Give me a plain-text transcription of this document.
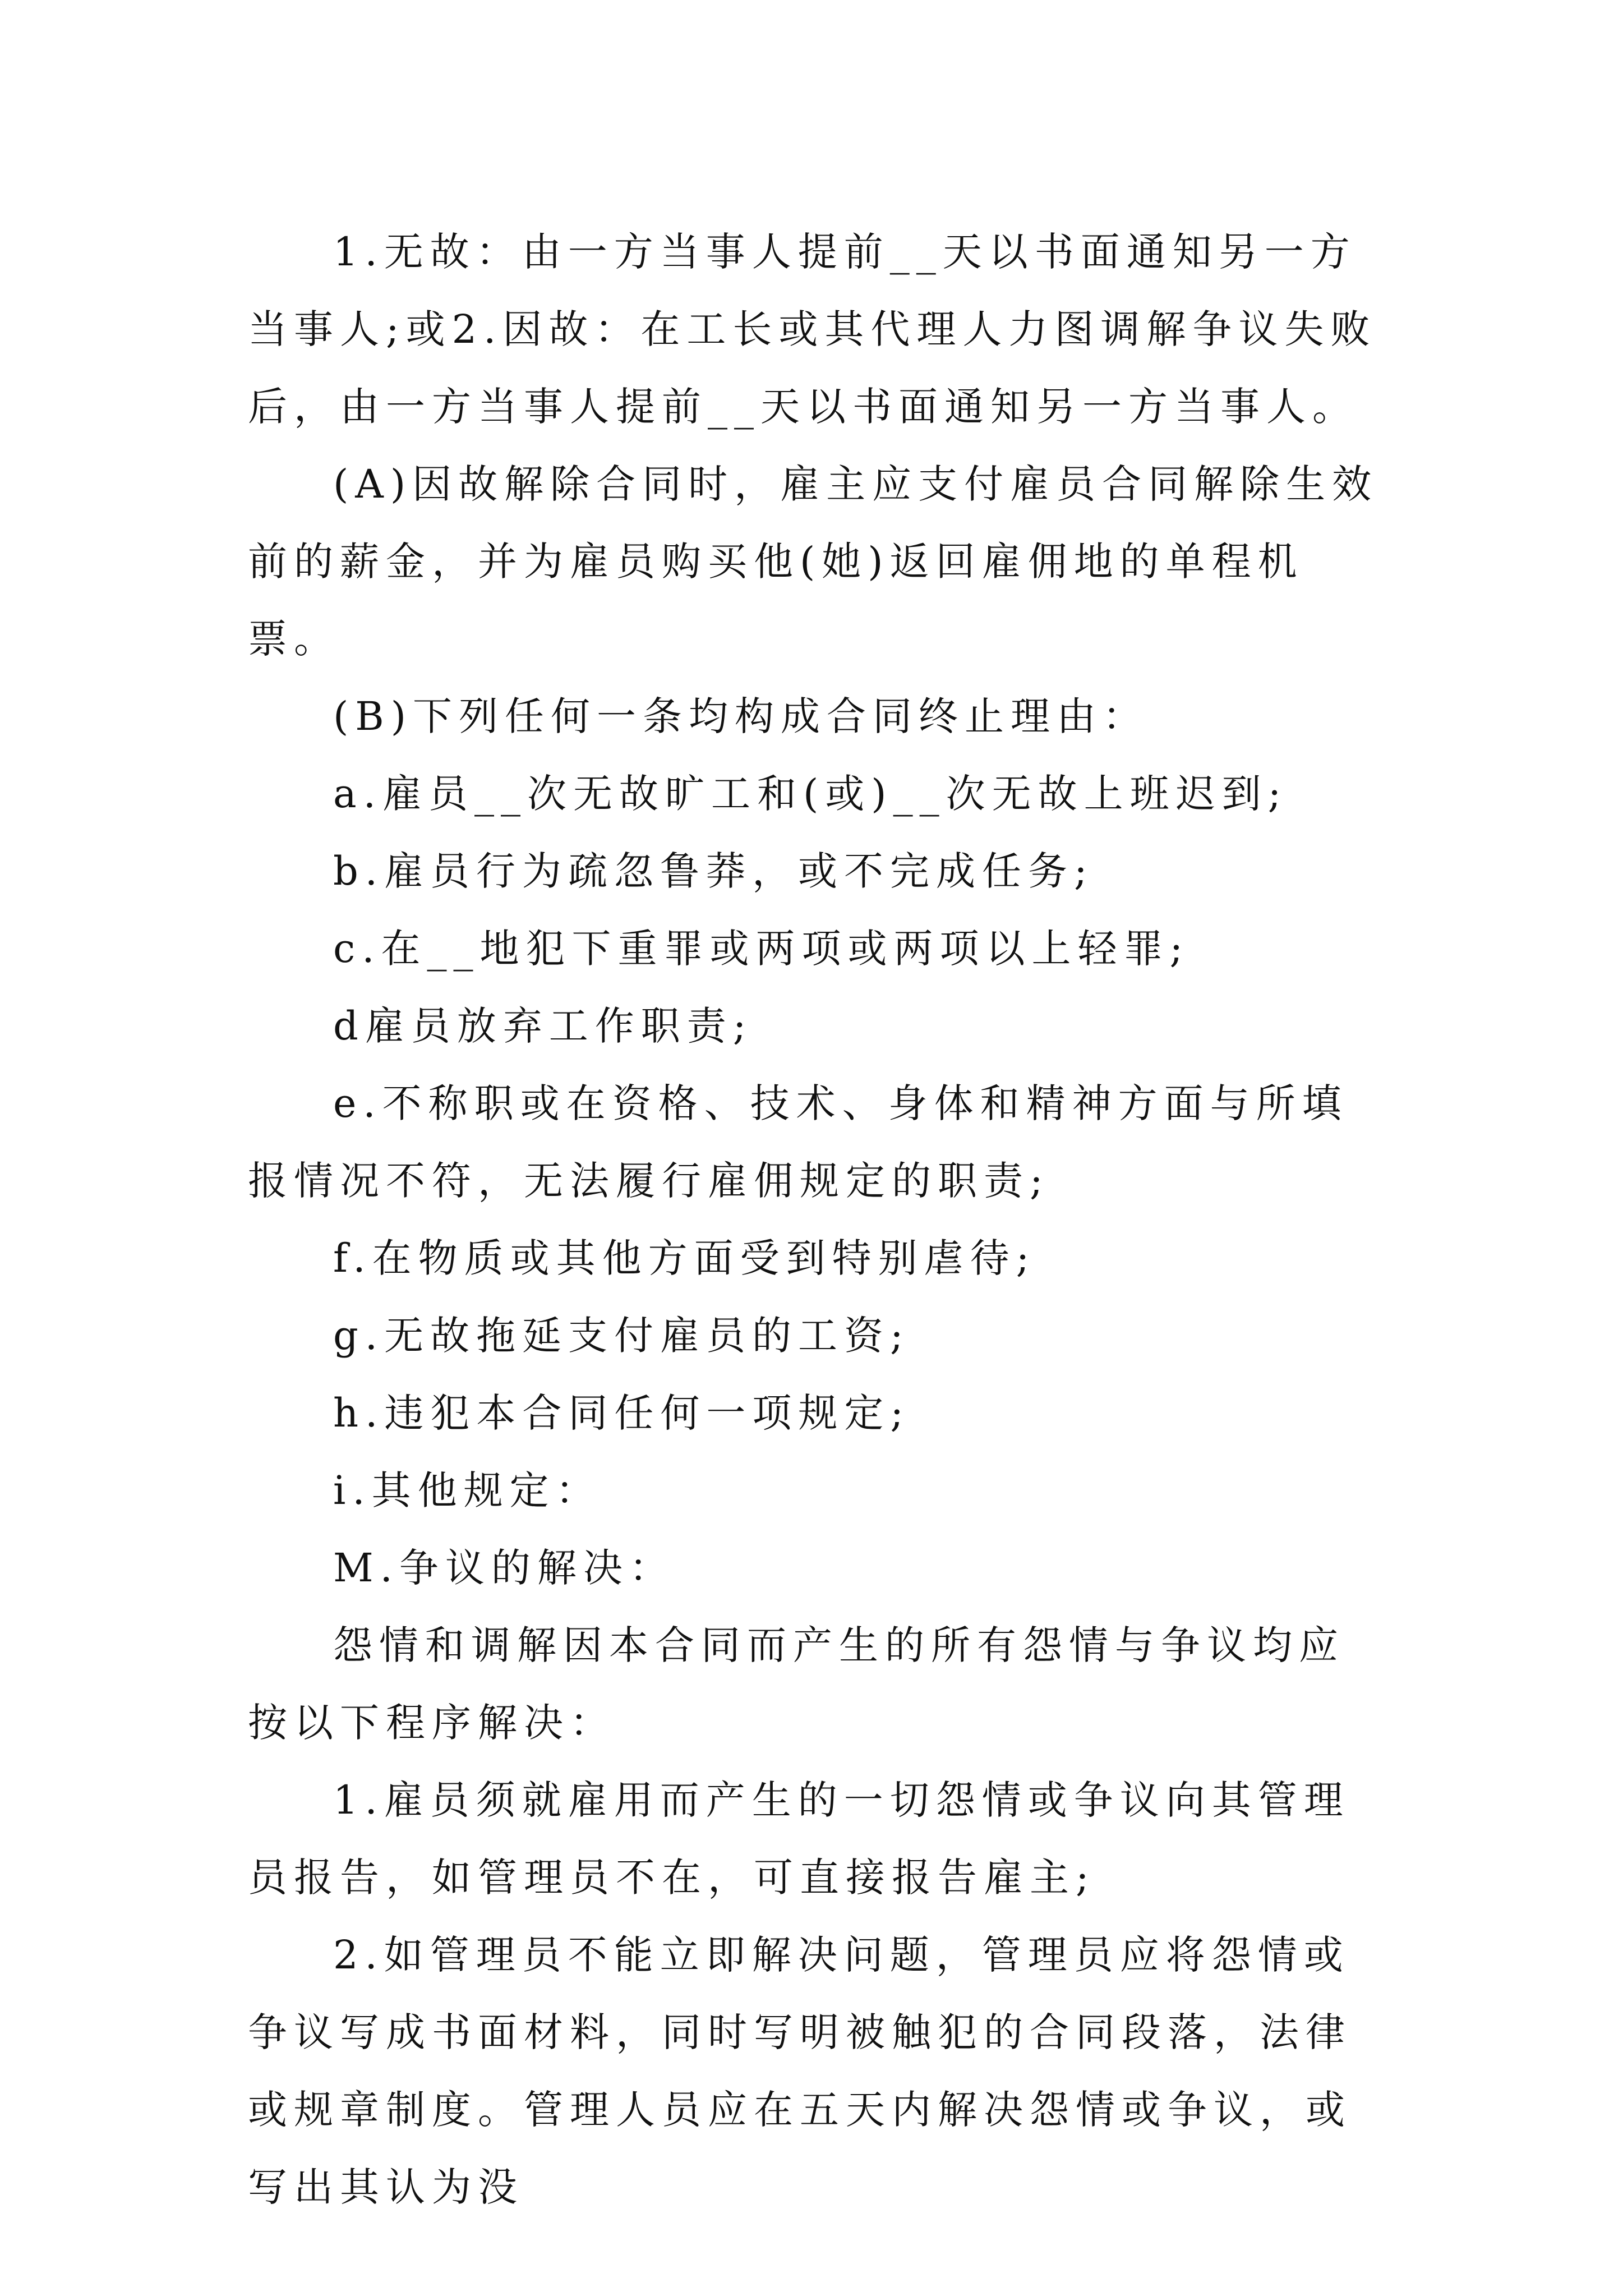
1.无故：由一方当事人提前__天以书面通知另一方当事人;或2.因故：在工长或其代理人力图调解争议失败后，由一方当事人提前__天以书面通知另一方当事人。

(A)因故解除合同时，雇主应支付雇员合同解除生效前的薪金，并为雇员购买他(她)返回雇佣地的单程机票。

(B)下列任何一条均构成合同终止理由：

a.雇员__次无故旷工和(或)__次无故上班迟到;

b.雇员行为疏忽鲁莽，或不完成任务;

c.在__地犯下重罪或两项或两项以上轻罪;

d雇员放弃工作职责;

e.不称职或在资格、技术、身体和精神方面与所填报情况不符，无法履行雇佣规定的职责;

f.在物质或其他方面受到特别虐待;

g.无故拖延支付雇员的工资;

h.违犯本合同任何一项规定;

i.其他规定：

M.争议的解决：

怨情和调解因本合同而产生的所有怨情与争议均应按以下程序解决：

1.雇员须就雇用而产生的一切怨情或争议向其管理员报告，如管理员不在，可直接报告雇主;

2.如管理员不能立即解决问题，管理员应将怨情或争议写成书面材料，同时写明被触犯的合同段落，法律或规章制度。管理人员应在五天内解决怨情或争议，或写出其认为没
